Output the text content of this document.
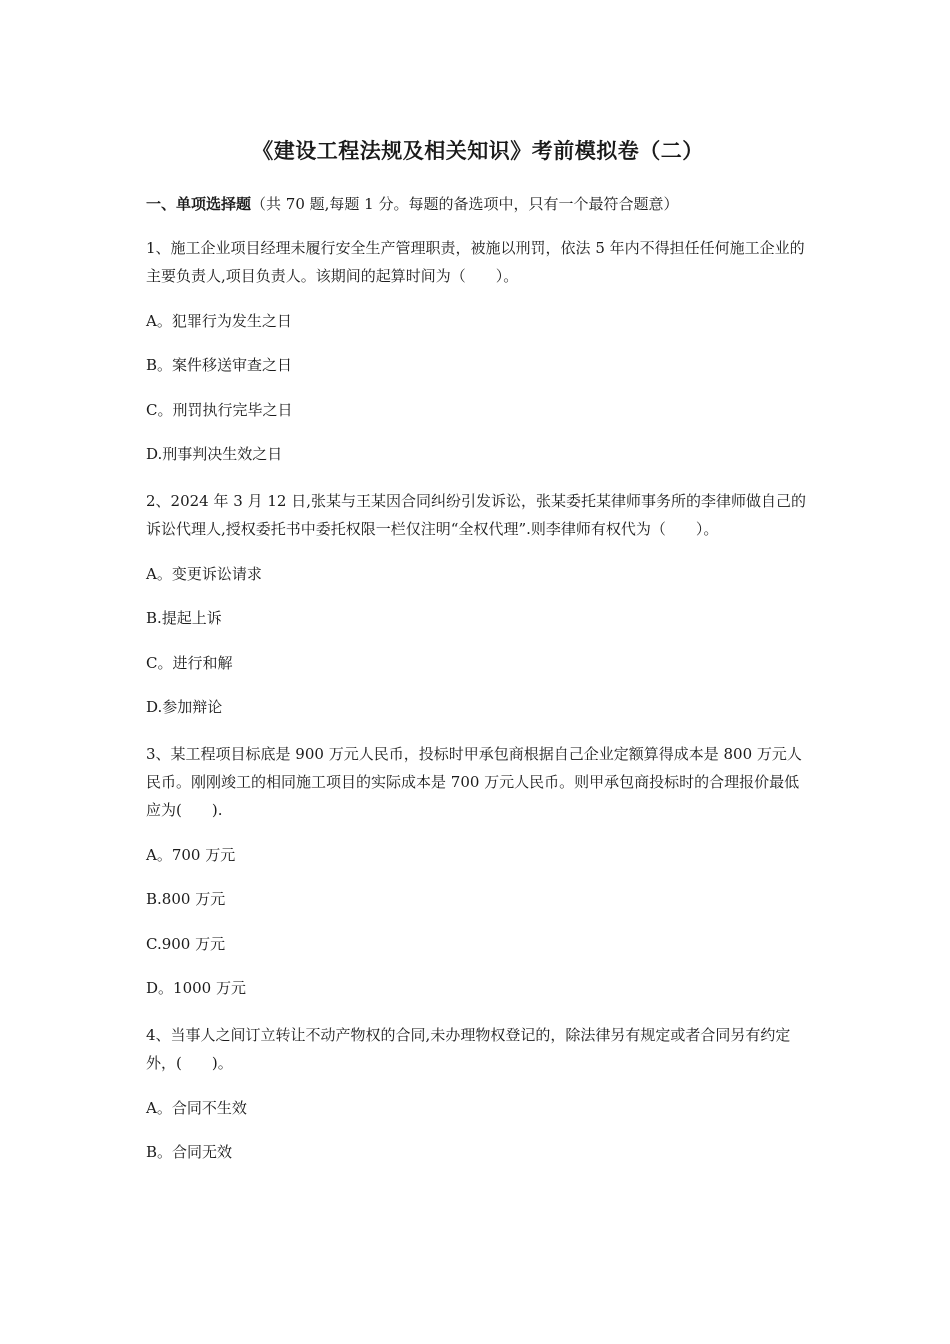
《建设工程法规及相关知识》考前模拟卷（二）
一、单项选择题（共 70 题,每题 1 分。每题的备选项中，只有一个最符合题意）
1、施工企业项目经理未履行安全生产管理职责，被施以刑罚，依法 5 年内不得担任任何施工企业的主要负责人,项目负责人。该期间的起算时间为（　　）。
A。犯罪行为发生之日
B。案件移送审查之日
C。刑罚执行完毕之日
D.刑事判决生效之日
2、2024 年 3 月 12 日,张某与王某因合同纠纷引发诉讼，张某委托某律师事务所的李律师做自己的诉讼代理人,授权委托书中委托权限一栏仅注明“全权代理”.则李律师有权代为（　　）。
A。变更诉讼请求
B.提起上诉
C。进行和解
D.参加辩论
3、某工程项目标底是 900 万元人民币，投标时甲承包商根据自己企业定额算得成本是 800 万元人民币。刚刚竣工的相同施工项目的实际成本是 700 万元人民币。则甲承包商投标时的合理报价最低应为(　　).
A。700 万元
B.800 万元
C.900 万元
D。1000 万元
4、当事人之间订立转让不动产物权的合同,未办理物权登记的，除法律另有规定或者合同另有约定外，(　　)。
A。合同不生效
B。合同无效
